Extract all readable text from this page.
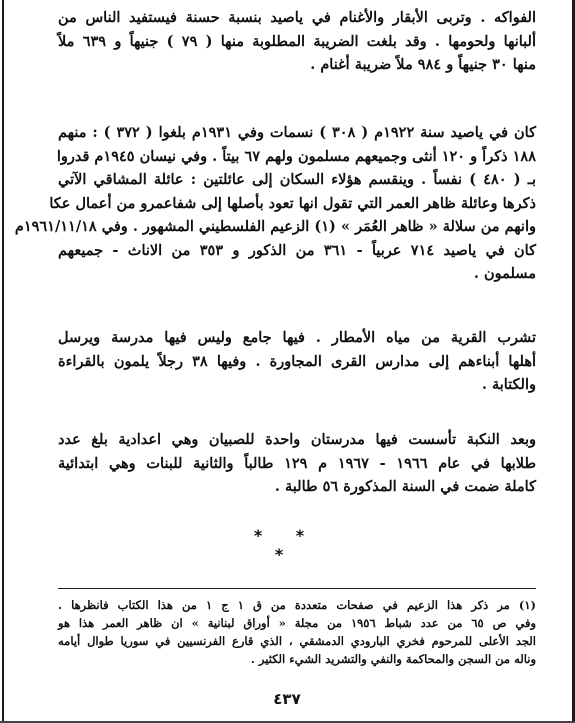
الفواكه . وتربى الأبقار والأغنام في ياصيد بنسبة حسنة فيستفيد الناس من
ألبانها ولحومها . وقد بلغت الضريبة المطلوبة منها ( ٧٩ ) جنيهاً و ٦٣٩ ملاً
منها ٣٠ جنيهاً و ٩٨٤ ملاً ضريبة أغنام .
كان في ياصيد سنة ١٩٢٢م ( ٣٠٨ ) نسمات وفي ١٩٣١م بلغوا ( ٣٧٢ ) : منهم
١٨٨ ذكراً و ١٢٠ أنثى وجميعهم مسلمون ولهم ٦٧ بيتاً . وفي نيسان ١٩٤٥م قدروا
بـ ( ٤٨٠ ) نفساً . وينقسم هؤلاء السكان إلى عائلتين : عائلة المشاقي الآتي
ذكرها وعائلة ظاهر العمر التي تقول انها تعود بأصلها إلى شفاعمرو من أعمال عكا
وانهم من سلالة « ظاهر العُمَر » (١) الزعيم الفلسطيني المشهور . وفي ١٩٦١/١١/١٨م
كان في ياصيد ٧١٤ عربياً - ٣٦١ من الذكور و ٣٥٣ من الاناث - جميعهم
مسلمون .
تشرب القرية من مياه الأمطار . فيها جامع وليس فيها مدرسة ويرسل
أهلها أبناءهم إلى مدارس القرى المجاورة . وفيها ٣٨ رجلاً يلمون بالقراءة
والكتابة .
وبعد النكبة تأسست فيها مدرستان واحدة للصبيان وهي اعدادية بلغ عدد
طلابها في عام ١٩٦٦ - ١٩٦٧ م ١٢٩ طالباً والثانية للبنات وهي ابتدائية
كاملة ضمت في السنة المذكورة ٥٦ طالبة .
* * *
(١) مر ذكر هذا الزعيم في صفحات متعددة من ق ١ ج ١ من هذا الكتاب فانظرها .
وفي ص ٦٥ من عدد شباط ١٩٥٦ من مجلة « أوراق لبنانية » ان ظاهر العمر هذا هو
الجد الأعلى للمرحوم فخري البارودي الدمشقي ، الذي قارع الفرنسيين في سوريا طوال أيامه
وناله من السجن والمحاكمة والنفي والتشريد الشيء الكثير .
٤٣٧
